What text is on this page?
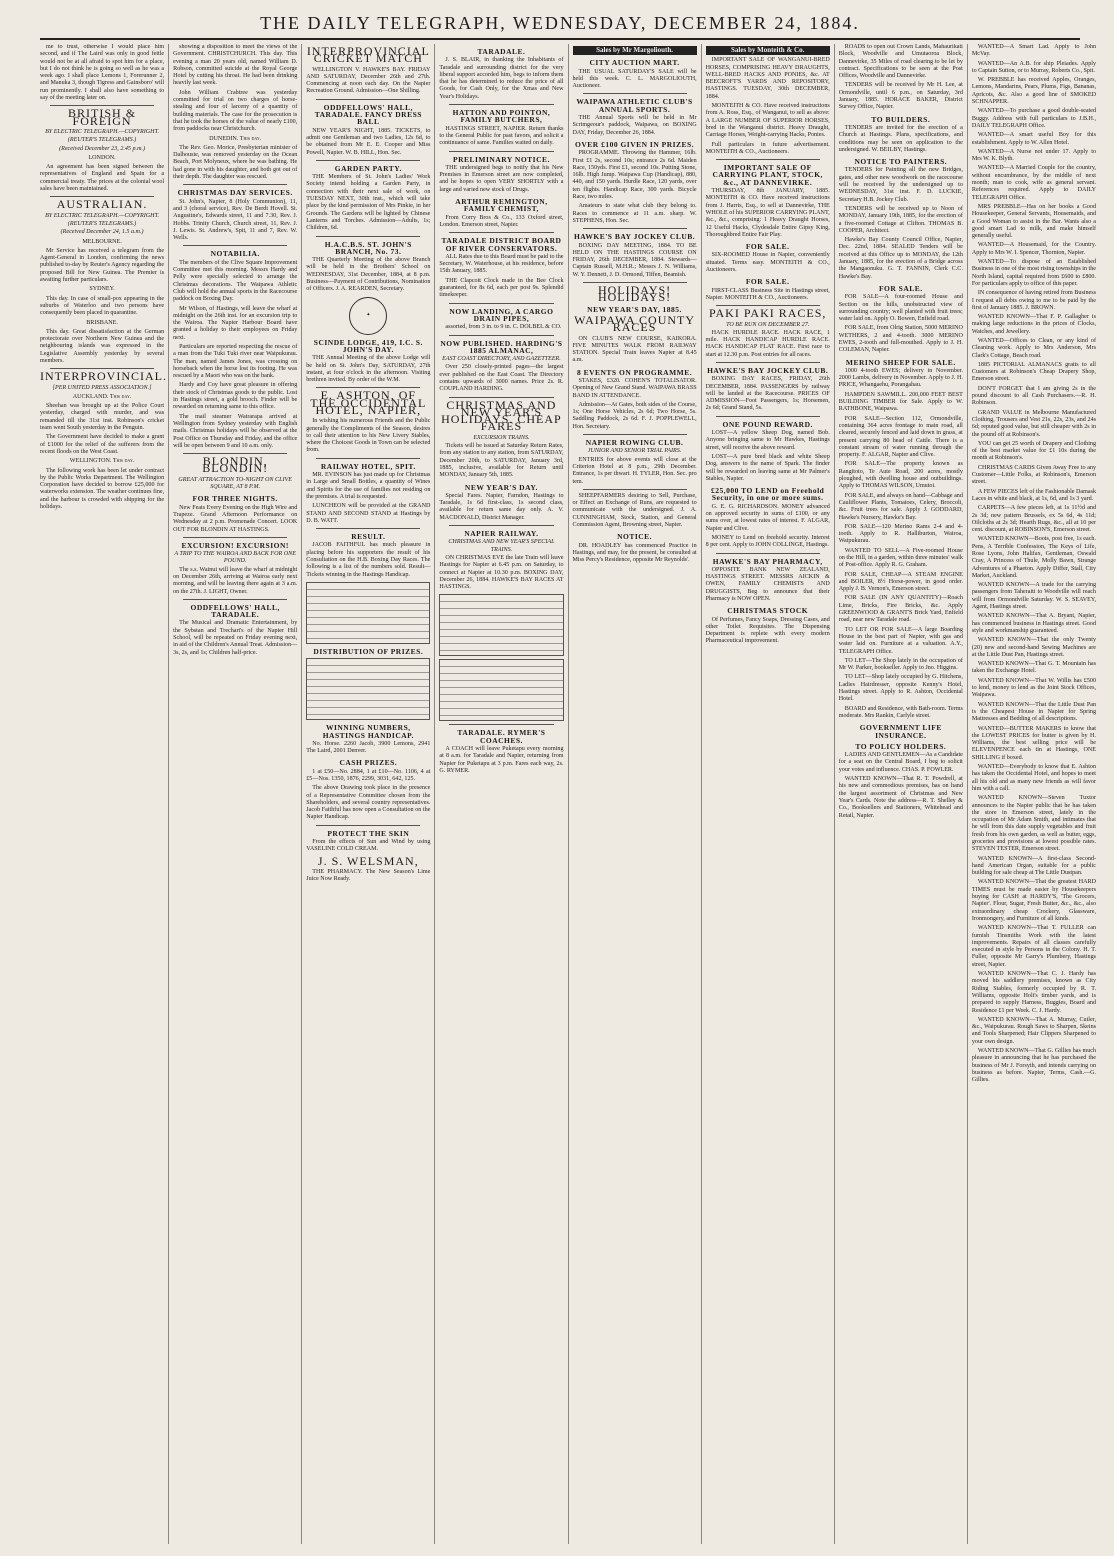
THE DAILY TELEGRAPH, WEDNESDAY, DECEMBER 24, 1884.

me to trust, otherwise I would place him second, and if The Laird was only in good fettle would not be at all afraid to spot him for a place, but I do not think he is going so well as he was a week ago. I shall place Lemons 1, Forerunner 2, and Manuka 3, though Tigress and Gainsboro' will run prominently. I shall also have something to say of the meeting later on.

BRITISH & FOREIGN
BY ELECTRIC TELEGRAPH.—COPYRIGHT.
(REUTER'S TELEGRAMS.)
(Received December 23, 2.45 p.m.)
LONDON.

An agreement has been signed between the representatives of England and Spain for a commercial treaty. The prices at the colonial wool sales have been maintained.

AUSTRALIAN.
BY ELECTRIC TELEGRAPH.—COPYRIGHT.
(REUTER'S TELEGRAMS.)
(Received December 24, 1.5 a.m.)
MELBOURNE.

Mr Service has received a telegram from the Agent-General in London, confirming the news published to-day by Reuter's Agency regarding the proposed Bill for New Guinea. The Premier is awaiting further particulars.

SYDNEY.

This day. In case of small-pox appearing in the suburbs of Waterloo and two persons have consequently been placed in quarantine.

BRISBANE.

This day. Great dissatisfaction at the German protectorate over Northern New Guinea and the neighbouring islands was expressed in the Legislative Assembly yesterday by several members.

INTERPROVINCIAL.
[PER UNITED PRESS ASSOCIATION.]
AUCKLAND. This day.

Sheehan was brought up at the Police Court yesterday, charged with murder, and was remanded till the 31st inst. Robinson's cricket team went South yesterday in the Penguin.

The Government have decided to make a grant of £1000 for the relief of the sufferers from the recent floods on the West Coast.

WELLINGTON. This day.

The following work has been let under contract by the Public Works Department. The Wellington Corporation have decided to borrow £25,000 for waterworks extension. The weather continues fine, and the harbour is crowded with shipping for the holidays.

showing a disposition to meet the views of the Government. CHRISTCHURCH. This day. This evening a man 20 years old, named William D. Robson, committed suicide at the Royal George Hotel by cutting his throat. He had been drinking heavily last week.

John William Crabtree was yesterday committed for trial on two charges of horse-stealing and four of larceny of a quantity of building materials. The case for the prosecution is that he took the horses of the value of nearly £100, from paddocks near Christchurch.

DUNEDIN. This day.

The Rev. Geo. Morice, Presbyterian minister of Dalhousie, was removed yesterday on the Ocean Beach, Port Molyneux, where he was bathing. He had gone in with his daughter, and both got out of their depth. The daughter was rescued.

CHRISTMAS DAY SERVICES.

St. John's, Napier, 8 (Holy Communion), 11, and 3 (choral service), Rev. De Berdt Hovell. St. Augustine's, Edwards street, 11 and 7.30, Rev. J. Hobbs. Trinity Church, Church street, 11, Rev. J. J. Lewis. St. Andrew's, Spit, 11 and 7, Rev. W. Wells.

NOTABILIA.

The members of the Clive Square Improvement Committee met this morning. Messrs Hardy and Pelly were specially selected to arrange the Christmas decorations. The Waipawa Athletic Club will hold the annual sports in the Racecourse paddock on Boxing Day.

Mr Wilson, of Hastings, will leave the wharf at midnight on the 26th inst. for an excursion trip to the Wairoa. The Napier Harbour Board have granted a holiday to their employees on Friday next.

Particulars are reported respecting the rescue of a man from the Tuki Tuki river near Waipukurau. The man, named James Jones, was crossing on horseback when the horse lost its footing. He was rescued by a Maori who was on the bank.

Hardy and Coy have great pleasure in offering their stock of Christmas goods to the public. Lost in Hastings street, a gold brooch. Finder will be rewarded on returning same to this office.

The mail steamer Wairarapa arrived at Wellington from Sydney yesterday with English mails. Christmas holidays will be observed at the Post Office on Thursday and Friday, and the office will be open between 9 and 10 a.m. only.

BLONDIN, BLONDIN!
GREAT ATTRACTION TO-NIGHT ON CLIVE SQUARE, AT 8 P.M.
FOR THREE NIGHTS.

New Feats Every Evening on the High Wire and Trapeze. Grand Afternoon Performance on Wednesday at 2 p.m. Promenade Concert. LOOK OUT FOR BLONDIN AT HASTINGS.

EXCURSION! EXCURSION!
A TRIP TO THE WAIROA AND BACK FOR ONE POUND.

The s.s. Wainui will leave the wharf at midnight on December 26th, arriving at Wairoa early next morning, and will be leaving there again at 3 a.m. on the 27th. J. LIGHT, Owner.

ODDFELLOWS' HALL, TARADALE.

The Musical and Dramatic Entertainment, by the Sybstan and Trechart's of the Napier Hill School, will be repeated on Friday evening next, in aid of the Children's Annual Treat. Admission—3s, 2s, and 1s; Children half-price.

INTERPROVINCIAL CRICKET MATCH

WELLINGTON V. HAWKE'S BAY. FRIDAY AND SATURDAY, December 26th and 27th. Commencing at noon each day. On the Napier Recreation Ground. Admission—One Shilling.

ODDFELLOWS' HALL, TARADALE. FANCY DRESS BALL

NEW YEAR'S NIGHT, 1885. TICKETS, to admit one Gentleman and two Ladies, 12s 6d, to be obtained from Mr E. E. Cooper and Miss Powell, Napier. W. B. HILL, Hon. Sec.

GARDEN PARTY.

THE Members of St. John's Ladies' Work Society intend holding a Garden Party, in connection with their next sale of work, on TUESDAY NEXT, 30th inst., which will take place by the kind permission of Mrs Pinkie, in her Grounds. The Gardens will be lighted by Chinese Lanterns and Torches. Admission—Adults, 1s; Children, 6d.

H.A.C.B.S. ST. JOHN'S BRANCH, No. 73.

THE Quarterly Meeting of the above Branch will be held in the Brothers' School on WEDNESDAY, 31st December, 1884, at 8 p.m. Business—Payment of Contributions, Nomination of Officers. J. A. REARDEN, Secretary.

✦
SCINDE LODGE, 419, I.C. S. JOHN'S DAY.

THE Annual Meeting of the above Lodge will be held on St. John's Day, SATURDAY, 27th instant, at four o'clock in the afternoon. Visiting brethren invited. By order of the W.M.

E. ASHTON, OF THE OCCIDENTAL HOTEL, NAPIER,

In wishing his numerous Friends and the Public generally the Compliments of the Season, desires to call their attention to his New Livery Stables, where the Choicest Goods in Town can be selected from.

RAILWAY HOTEL, SPIT.

MR. EVINSON has just made up for Christmas in Large and Small Bottles, a quantity of Wines and Spirits for the use of families not residing on the premises. A trial is requested.

LUNCHEON will be provided at the GRAND STAND AND SECOND STAND at Hastings by D. B. WATT.

RESULT.

JACOB FAITHFUL has much pleasure in placing before his supporters the result of his Consultation on the H.B. Boxing Day Races. The following is a list of the numbers sold. Result—Tickets winning in the Hastings Handicap.

DISTRIBUTION OF PRIZES.
WINNING NUMBERS, HASTINGS HANDICAP.

No. Horse. 2260 Jacob, 3900 Lemons, 2941 The Laird, 2001 Denver.

CASH PRIZES.

1 at £50—No. 2884, 1 at £10—No. 1106, 4 at £5—Nos. 1350, 1876, 2299, 3031, 642, 125.

The above Drawing took place in the presence of a Representative Committee chosen from the Shareholders, and several country representatives. Jacob Faithful has now open a Consultation on the Napier Handicap.

PROTECT THE SKIN

From the effects of Sun and Wind by using VASELINE COLD CREAM.

J. S. WELSMAN,

THE PHARMACY. The New Season's Lime Juice Now Ready.

TARADALE.

J. S. BLAIR, in thanking the Inhabitants of Taradale and surrounding district for the very liberal support accorded him, begs to inform them that he has determined to reduce the price of all Goods, for Cash Only, for the Xmas and New Year's Holidays.

HATTON AND POINTON, FAMILY BUTCHERS,

HASTINGS STREET, NAPIER. Return thanks to the General Public for past favors, and solicit a continuance of same. Families waited on daily.

PRELIMINARY NOTICE.

THE undersigned begs to notify that his New Premises in Emerson street are now completed, and he hopes to open VERY SHORTLY with a large and varied new stock of Drugs.

ARTHUR REMINGTON, FAMILY CHEMIST,

From Corry Bros & Co., 133 Oxford street, London. Emerson street, Napier.

TARADALE DISTRICT BOARD OF RIVER CONSERVATORS.

ALL Rates due to this Board must be paid to the Secretary, W. Waterhouse, at his residence, before 15th January, 1885.

THE Clapcott Clock made in the Bee Clock guaranteed, for 8s 6d, each per post 9s. Splendid timekeeper.

NOW LANDING, A CARGO DRAIN PIPES,

assorted, from 3 in. to 9 in. C. DOLBEL & CO.

NOW PUBLISHED. HARDING'S 1885 ALMANAC,
EAST COAST DIRECTORY, AND GAZETTEER.

Over 250 closely-printed pages—the largest ever published on the East Coast. The Directory contains upwards of 3000 names. Price 2s. R. COUPLAND HARDING.

CHRISTMAS AND NEW YEAR'S HOLIDAYS. CHEAP FARES
EXCURSION TRAINS.

Tickets will be issued at Saturday Return Rates, from any station to any station, from SATURDAY, December 20th, to SATURDAY, January 3rd, 1885, inclusive, available for Return until MONDAY, January 5th, 1885.

NEW YEAR'S DAY.

Special Fares. Napier, Farndon, Hastings to Taradale, 1s 6d first-class, 1s second class, available for return same day only. A. V. MACDONALD, District Manager.

NAPIER RAILWAY.
CHRISTMAS AND NEW YEAR'S SPECIAL TRAINS.

ON CHRISTMAS EVE the late Train will leave Hastings for Napier at 6.45 p.m. on Saturday, to connect at Napier at 10.30 p.m. BOXING DAY, December 26, 1884. HAWKE'S BAY RACES AT HASTINGS.

TARADALE. RYMER'S COACHES.

A COACH will leave Puketapu every morning at 8 a.m. for Taradale and Napier, returning from Napier for Puketapu at 3 p.m. Fares each way, 2s. G. RYMER.

Sales by Mr Margoliouth.
CITY AUCTION MART.

THE USUAL SATURDAY'S SALE will be held this week. C. L. MARGOLIOUTH, Auctioneer.

WAIPAWA ATHLETIC CLUB'S ANNUAL SPORTS.

THE Annual Sports will be held in Mr Scrimgeour's paddock, Waipawa, on BOXING DAY, Friday, December 26, 1884.

OVER £100 GIVEN IN PRIZES.

PROGRAMME. Throwing the Hammer, 16lb. First £1 2s, second 10s; entrance 2s 6d. Maiden Race, 150yds. First £1, second 10s. Putting Stone, 16lb. High Jump. Waipawa Cup (Handicap), 880, 440, and 150 yards. Hurdle Race, 120 yards, over ten flights. Handicap Race, 300 yards. Bicycle Race, two miles.

Amateurs to state what club they belong to. Races to commence at 11 a.m. sharp. W. STEPHENS, Hon. Sec.

HAWKE'S BAY JOCKEY CLUB.

BOXING DAY MEETING, 1884. TO BE HELD ON THE HASTINGS COURSE ON FRIDAY, 26th DECEMBER, 1884. Stewards—Captain Russell, M.H.R.; Messrs J. N. Williams, W. Y. Dennett, J. D. Ormond, Tiffen, Beamish.

HOLIDAYS! HOLIDAYS!
NEW YEAR'S DAY, 1885.
WAIPAWA COUNTY RACES

ON CLUB'S NEW COURSE, KAIKORA. FIVE MINUTES WALK FROM RAILWAY STATION. Special Train leaves Napier at 8.45 a.m.

8 EVENTS ON PROGRAMME.

STAKES, £320. COHEN'S TOTALISATOR. Opening of New Grand Stand. WAIPAWA BRASS BAND IN ATTENDANCE.

Admission—At Gates, both sides of the Course, 1s; One Horse Vehicles, 2s 6d; Two Horse, 5s. Saddling Paddock, 2s 6d. F. J. POPPLEWELL, Hon. Secretary.

NAPIER ROWING CLUB.
JUNIOR AND SENIOR TRIAL PAIRS.

ENTRIES for above events will close at the Criterion Hotel at 8 p.m., 29th December. Entrance, 1s per thwart. H. TYLER, Hon. Sec. pro tem.

SHEEPFARMERS desiring to Sell, Purchase, or Effect an Exchange of Runs, are requested to communicate with the undersigned. J. A. CUNNINGHAM, Stock, Station, and General Commission Agent, Browning street, Napier.

NOTICE.

DR. HOADLEY has commenced Practice in Hastings, and may, for the present, be consulted at Miss Percy's Residence, opposite Mr Reynolds'.

Sales by Monteith & Co.

IMPORTANT SALE OF WANGANUI-BRED HORSES, COMPRISING HEAVY DRAUGHTS, WELL-BRED HACKS AND PONIES, &c. AT BEECROFT'S YARDS AND REPOSITORY, HASTINGS. TUESDAY, 30th DECEMBER, 1884.

MONTEITH & CO. Have received instructions from A. Ross, Esq., of Wanganui, to sell as above: A LARGE NUMBER OF SUPERIOR HORSES, bred in the Wanganui district. Heavy Draught, Carriage Horses, Weight-carrying Hacks, Ponies.

Full particulars in future advertisement. MONTEITH & CO., Auctioneers.

IMPORTANT SALE OF CARRYING PLANT, STOCK, &c., AT DANNEVIRKE.

THURSDAY, 8th JANUARY, 1885. MONTEITH & CO. Have received instructions from J. Harris, Esq., to sell at Dannevirke, THE WHOLE of his SUPERIOR CARRYING PLANT, &c., &c., comprising: 1 Heavy Draught Horses, 12 Useful Hacks, Clydesdale Entire Gipsy King, Thoroughbred Entire Fair Play.

FOR SALE.

SIX-ROOMED House in Napier, conveniently situated. Terms easy. MONTEITH & CO., Auctioneers.

FOR SALE.

FIRST-CLASS Business Site in Hastings street, Napier. MONTEITH & CO., Auctioneers.

PAKI PAKI RACES,
TO BE RUN ON DECEMBER 27.

HACK HURDLE RACE. HACK RACE, 1 mile. HACK HANDICAP HURDLE RACE. HACK HANDICAP FLAT RACE. First race to start at 12.30 p.m. Post entries for all races.

HAWKE'S BAY JOCKEY CLUB.

BOXING DAY RACES, FRIDAY, 26th DECEMBER, 1884. PASSENGERS by railway will be landed at the Racecourse. PRICES OF ADMISSION—Foot Passengers, 1s; Horsemen, 2s 6d; Grand Stand, 5s.

ONE POUND REWARD.

LOST—A yellow Sheep Dog, named Bob. Anyone bringing same to Mr Hawkes, Hastings street, will receive the above reward.

LOST—A pure bred black and white Sheep Dog, answers to the name of Spark. The finder will be rewarded on leaving same at Mr Palmer's Stables, Napier.

£25,000 TO LEND on Freehold Security, in one or more sums.

G. E. G. RICHARDSON. MONEY advanced on approved security in sums of £100, or any sums over, at lowest rates of interest. F. ALGAR, Napier and Clive.

MONEY to Lend on freehold security. Interest 8 per cent. Apply to JOHN COLLINGE, Hastings.

HAWKE'S BAY PHARMACY,

OPPOSITE BANK NEW ZEALAND, HASTINGS STREET. MESSRS AICKIN & OWEN, FAMILY CHEMISTS AND DRUGGISTS, Beg to announce that their Pharmacy is NOW OPEN.

CHRISTMAS STOCK

Of Perfumes, Fancy Soaps, Dressing Cases, and other Toilet Requisites. The Dispensing Department is replete with every modern Pharmaceutical improvement.

ROADS to open out Crown Lands, Mahaurikati Block, Woodville and Umutaoroa Block, Dannevirke, 35 Miles of road clearing to be let by contract. Specifications to be seen at the Post Offices, Woodville and Dannevirke.

TENDERS will be received by Mr H. Lee, at Ormondville, until 6 p.m., on Saturday, 3rd January, 1885. HORACE BAKER, District Survey Office, Napier.

TO BUILDERS.

TENDERS are invited for the erection of a Church at Hastings. Plans, specifications, and conditions may be seen on application to the undersigned. W. BEILBY, Hastings.

NOTICE TO PAINTERS.

TENDERS for Painting all the new Bridges, gates, and other new woodwork on the racecourse will be received by the undersigned up to WEDNESDAY, 31st inst. F. D. LUCKIE, Secretary H.B. Jockey Club.

TENDERS will be received up to Noon of MONDAY, January 19th, 1885, for the erection of a five-roomed Cottage at Clifton. THOMAS B. COOPER, Architect.

Hawke's Bay County Council Office, Napier, Dec. 22nd, 1884. SEALED Tenders will be received at this Office up to MONDAY, the 12th January, 1885, for the erection of a Bridge across the Mangaonuku. G. T. FANNIN, Clerk C.C. Hawke's Bay.

FOR SALE.

FOR SALE—A four-roomed House and Section on the hills, unobstructed view of surrounding country; well planted with fruit trees; water laid on. Apply O. Bowen, Enfield road.

FOR SALE, from Olrig Station, 5000 MERINO WETHERS, 2 and 4-tooth. 3000 MERINO EWES, 2-tooth and full-mouthed. Apply to J. H. COLEMAN, Napier.

MERINO SHEEP FOR SALE.

1000 4-tooth EWES; delivery in November. 2000 Lambs, delivery in November. Apply to J. H. PRICE, Whangaehu, Porangahau.

HAMPDEN SAWMILL. 200,000 FEET BEST BUILDING TIMBER for Sale. Apply to W. RATHBONE, Waipawa.

FOR SALE—Section 112, Ormondville, containing 364 acres frontage to main road, all cleared, securely fenced and laid down in grass, at present carrying 80 head of Cattle. There is a constant stream of water running through the property. F. ALGAR, Napier and Clive.

FOR SALE—The property known as Rangitoto, Te Aute Road, 200 acres, mostly ploughed, with dwelling house and outbuildings. Apply to THOMAS WILSON, Umutoi.

FOR SALE, and always on hand—Cabbage and Cauliflower Plants, Tomatoes, Celery, Broccoli, &c. Fruit trees for sale. Apply J. GODDARD, Hawke's Nursery, Hawke's Bay.

FOR SALE—120 Merino Rams 2-4 and 4-tooth. Apply to R. Halliburton, Wairoa, Waipukurau.

WANTED TO SELL—A Five-roomed House on the Hill, in a garden, within three minutes' walk of Post-office. Apply R. G. Graham.

FOR SALE, CHEAP—A STEAM ENGINE and BOILER, 8½ Horse-power, in good order. Apply J. B. Vernon's, Emerson street.

FOR SALE (IN ANY QUANTITY)—Roach Lime, Bricks, Fire Bricks, &c. Apply GREENWOOD & GRANT'S Brick Yard, Enfield road, near new Taradale road.

TO LET OR FOR SALE—A large Boarding House in the best part of Napier, with gas and water laid on. Furniture at a valuation. A.Y., TELEGRAPH Office.

TO LET—The Shop lately in the occupation of Mr W. Parker, bookseller. Apply to Jno. Higgins.

TO LET—Shop lately occupied by G. Hitchens, Ladies Hairdresser, opposite Kenny's Hotel, Hastings street. Apply to R. Ashton, Occidental Hotel.

BOARD and Residence, with Bath-room. Terms moderate. Mrs Rankin, Carlyle street.

GOVERNMENT LIFE INSURANCE.
TO POLICY HOLDERS.

LADIES AND GENTLEMEN—As a Candidate for a seat on the Central Board, I beg to solicit your votes and influence. CHAS. P. FOWLER.

WANTED KNOWN—That R. T. Powdrell, at his new and commodious premises, has on hand the largest assortment of Christmas and New Year's Cards. Note the address—R. T. Shelley & Co., Booksellers and Stationers, Whitehead and Retail, Napier.

WANTED—A Smart Lad. Apply to John McVay.

WANTED—An A.B. for ship Pleiades. Apply to Captain Sutton, or to Murray, Roberts Co., Spit.

W. PREBBLE has received Apples, Oranges, Lemons, Mandarins, Pears, Plums, Figs, Bananas, Apricots, &c. Also a good line of SMOKED SCHNAPPER.

WANTED—To purchase a good double-seated Buggy. Address with full particulars to J.B.H., DAILY TELEGRAPH Office.

WANTED—A smart useful Boy for this establishment. Apply to W. Allen Hotel.

WANTED—A Nurse not under 17. Apply to Mrs W. K. Blyth.

WANTED—A Married Couple for the country, without encumbrance, by the middle of next month; man to cook, wife as general servant. References required. Apply to DAILY TELEGRAPH Office.

MRS PREBBLE—Has on her books a Good Housekeeper, General Servants, Housemaids, and a Good Woman to assist in the Bar. Wants also a good smart Lad to milk, and make himself generally useful.

WANTED—A Housemaid, for the Country. Apply to Mrs W. I. Spencer, Thornton, Napier.

WANTED—To dispose of an Established Business in one of the most rising townships in the North Island, capital required from £600 to £800. For particulars apply to office of this paper.

IN consequence of having retired from Business I request all debts owing to me to be paid by the first of January 1885. J. BROWN.

WANTED KNOWN—That F. P. Gallagher is making large reductions in the prices of Clocks, Watches, and Jewellery.

WANTED—Offices to Clean, or any kind of Cleaning work. Apply to Mrs Anderson, Mrs Clark's Cottage, Beach road.

1885 PICTORIAL ALMANACS gratis to all Customers at Robinson's Cheap Drapery Shop, Emerson street.

DON'T FORGET that I am giving 2s in the pound discount to all Cash Purchasers.—R. H. Robinson.

GRAND VALUE in Melbourne Manufactured Clothing, Trousers and Vest 21s, 22s, 23s, and 24s 6d; reputed good value, but still cheaper with 2s in the pound off at Robinson's.

YOU can get 25 worth of Drapery and Clothing of the best market value for £1 10s during the month at Robinson's.

CHRISTMAS CARDS Given Away Free to any Customer—Little Folks, at Robinson's, Emerson street.

A FEW PIECES left of the Fashionable Damask Laces in white and black, at 1s, 6d, and 1s 3 yard.

CARPETS—A few pieces left, at 1s 11½d and 2s 3d; new pattern Brussels, ex 5s 6d, 4s 11d; Oilcloths at 2s 3d; Hearth Rugs, &c., all at 10 per cent. discount, at ROBINSON'S, Emerson street.

WANTED KNOWN—Boots, post free, 1s each. Pens, A Terrible Confession, The Keys of Life, Rose Lyons, John Halifax, Gentleman, Oswald Cray, A Princess of Thule, Molly Bawn, Strange Adventures of a Phaeton. Apply Differ, Stall, City Market, Auckland.

WANTED KNOWN—A trade for the carrying passengers from Taheraiti to Woodville will reach will from Ormondville Saturday. W. S. SEAVEY, Agent, Hastings street.

WANTED KNOWN—That A. Bryant, Napier, has commenced business in Hastings street. Good style and workmanship guaranteed.

WANTED KNOWN—That the only Twenty (20) new and second-hand Sewing Machines are at the Little Dust Pan, Hastings street.

WANTED KNOWN—That G. T. Mountain has taken the Exchange Hotel.

WANTED KNOWN—That W. Willis has £500 to lend, money to lend as the Joint Stock Offices, Waipawa.

WANTED KNOWN—That the Little Dust Pan is the Cheapest House in Napier for Spring Mattresses and Bedding of all descriptions.

WANTED—BUTTER MAKERS to know that the LOWEST PRICES for butter is given by H. Williams, the best selling price will be ELEVENPENCE each tin at Hastings, ONE SHILLING if boxed.

WANTED—Everybody to know that E. Ashton has taken the Occidental Hotel, and hopes to meet all his old and as many new friends as will favor him with a call.

WANTED KNOWN—Steven Tuxtor announces to the Napier public that he has taken the store in Emerson street, lately in the occupation of Mr Adam Smith, and intimates that he will from this date supply vegetables and fruit fresh from his own garden, as well as butter, eggs, groceries and provisions at lowest possible rates. STEVEN TESTER, Emerson street.

WANTED KNOWN—A first-class Second-hand American Organ, suitable for a public building for sale cheap at The Little Dustpan.

WANTED KNOWN—That the greatest HARD TIMES must be made easier by Housekeepers buying for CASH at HARDY'S, 'The Grocers, Napier'. Flour, Sugar, Fresh Butter, &c., &c., also extraordinary cheap Crockery, Glassware, Ironmongery, and Furniture of all kinds.

WANTED KNOWN—That T. FULLER can furnish Tinsmiths Work with the latest improvements. Repairs of all classes carefully executed in style by Persons in the Colony. H. T. Fuller, opposite Mr Garry's Plumbery, Hastings street, Napier.

WANTED KNOWN—That C. J. Hardy has moved his saddlery premises, known as City Riding Stables, formerly occupied by R. T. Williams, opposite Holt's timber yards, and is prepared to supply Harness, Buggies, Board and Residence £1 per Week. C. J. Hardy.

WANTED KNOWN—That A. Murray, Cutler, &c., Waipukurau. Rough Saws to Sharpen, Skeins and Tools Sharpened; Hair Clippers Sharpened to your own design.

WANTED KNOWN—That G. Gillies has much pleasure in announcing that he has purchased the business of Mr J. Forsyth, and intends carrying on business as before. Napier, Terms, Cash.—G. Gillies.
